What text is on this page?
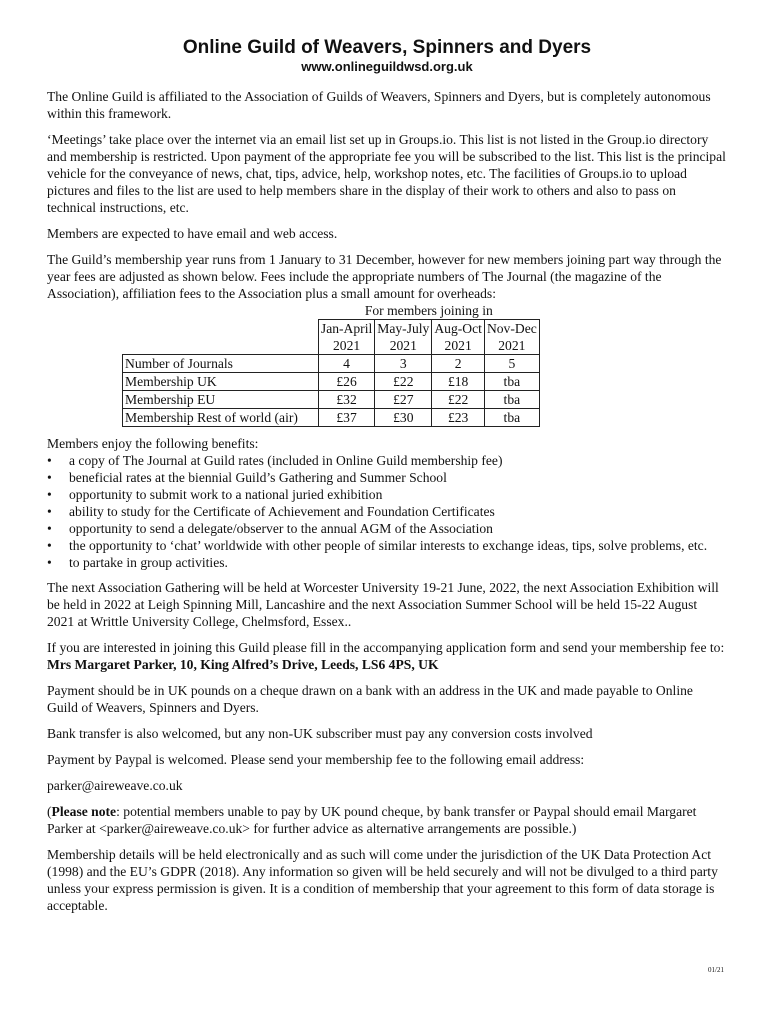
Online Guild of Weavers, Spinners and Dyers
www.onlineguildwsd.org.uk

The Online Guild is affiliated to the Association of Guilds of Weavers, Spinners and Dyers, but is completely autonomous within this framework.

‘Meetings’ take place over the internet via an email list set up in Groups.io. This list is not listed in the Group.io directory and membership is restricted. Upon payment of the appropriate fee you will be subscribed to the list. This list is the principal vehicle for the conveyance of news, chat, tips, advice, help, workshop notes, etc. The facilities of Groups.io to upload pictures and files to the list are used to help members share in the display of their work to others and also to pass on technical instructions, etc.

Members are expected to have email and web access.

The Guild’s membership year runs from 1 January to 31 December, however for new members joining part way through the year fees are adjusted as shown below. Fees include the appropriate numbers of The Journal (the magazine of the Association), affiliation fees to the Association plus a small amount for overheads:

	For members joining in			
	Jan-April	May-July	Aug-Oct	Nov-Dec
	2021	2021	2021	2021
Number of Journals	4	3	2	5
Membership UK	£26	£22	£18	tba
Membership EU	£32	£27	£22	tba
Membership Rest of world (air)	£37	£30	£23	tba
Members enjoy the following benefits:
• a copy of The Journal at Guild rates (included in Online Guild membership fee)
• beneficial rates at the biennial Guild’s Gathering and Summer School
• opportunity to submit work to a national juried exhibition
• ability to study for the Certificate of Achievement and Foundation Certificates
• opportunity to send a delegate/observer to the annual AGM of the Association
• the opportunity to ‘chat’ worldwide with other people of similar interests to exchange ideas, tips, solve problems, etc.
• to partake in group activities.

The next Association Gathering will be held at Worcester University 19-21 June, 2022, the next Association Exhibition will be held in 2022 at Leigh Spinning Mill, Lancashire and the next Association Summer School will be held 15-22 August 2021 at Writtle University College, Chelmsford, Essex..

If you are interested in joining this Guild please fill in the accompanying application form and send your membership fee to:

Mrs Margaret Parker, 10, King Alfred’s Drive, Leeds, LS6 4PS, UK

Payment should be in UK pounds on a cheque drawn on a bank with an address in the UK and made payable to Online Guild of Weavers, Spinners and Dyers.

Bank transfer is also welcomed, but any non-UK subscriber must pay any conversion costs involved

Payment by Paypal is welcomed. Please send your membership fee to the following email address:

parker@aireweave.co.uk

(Please note: potential members unable to pay by UK pound cheque, by bank transfer or Paypal should email Margaret Parker at <parker@aireweave.co.uk> for further advice as alternative arrangements are possible.)

Membership details will be held electronically and as such will come under the jurisdiction of the UK Data Protection Act (1998) and the EU’s GDPR (2018). Any information so given will be held securely and will not be divulged to a third party unless your express permission is given. It is a condition of membership that your agreement to this form of data storage is acceptable.

01/21
